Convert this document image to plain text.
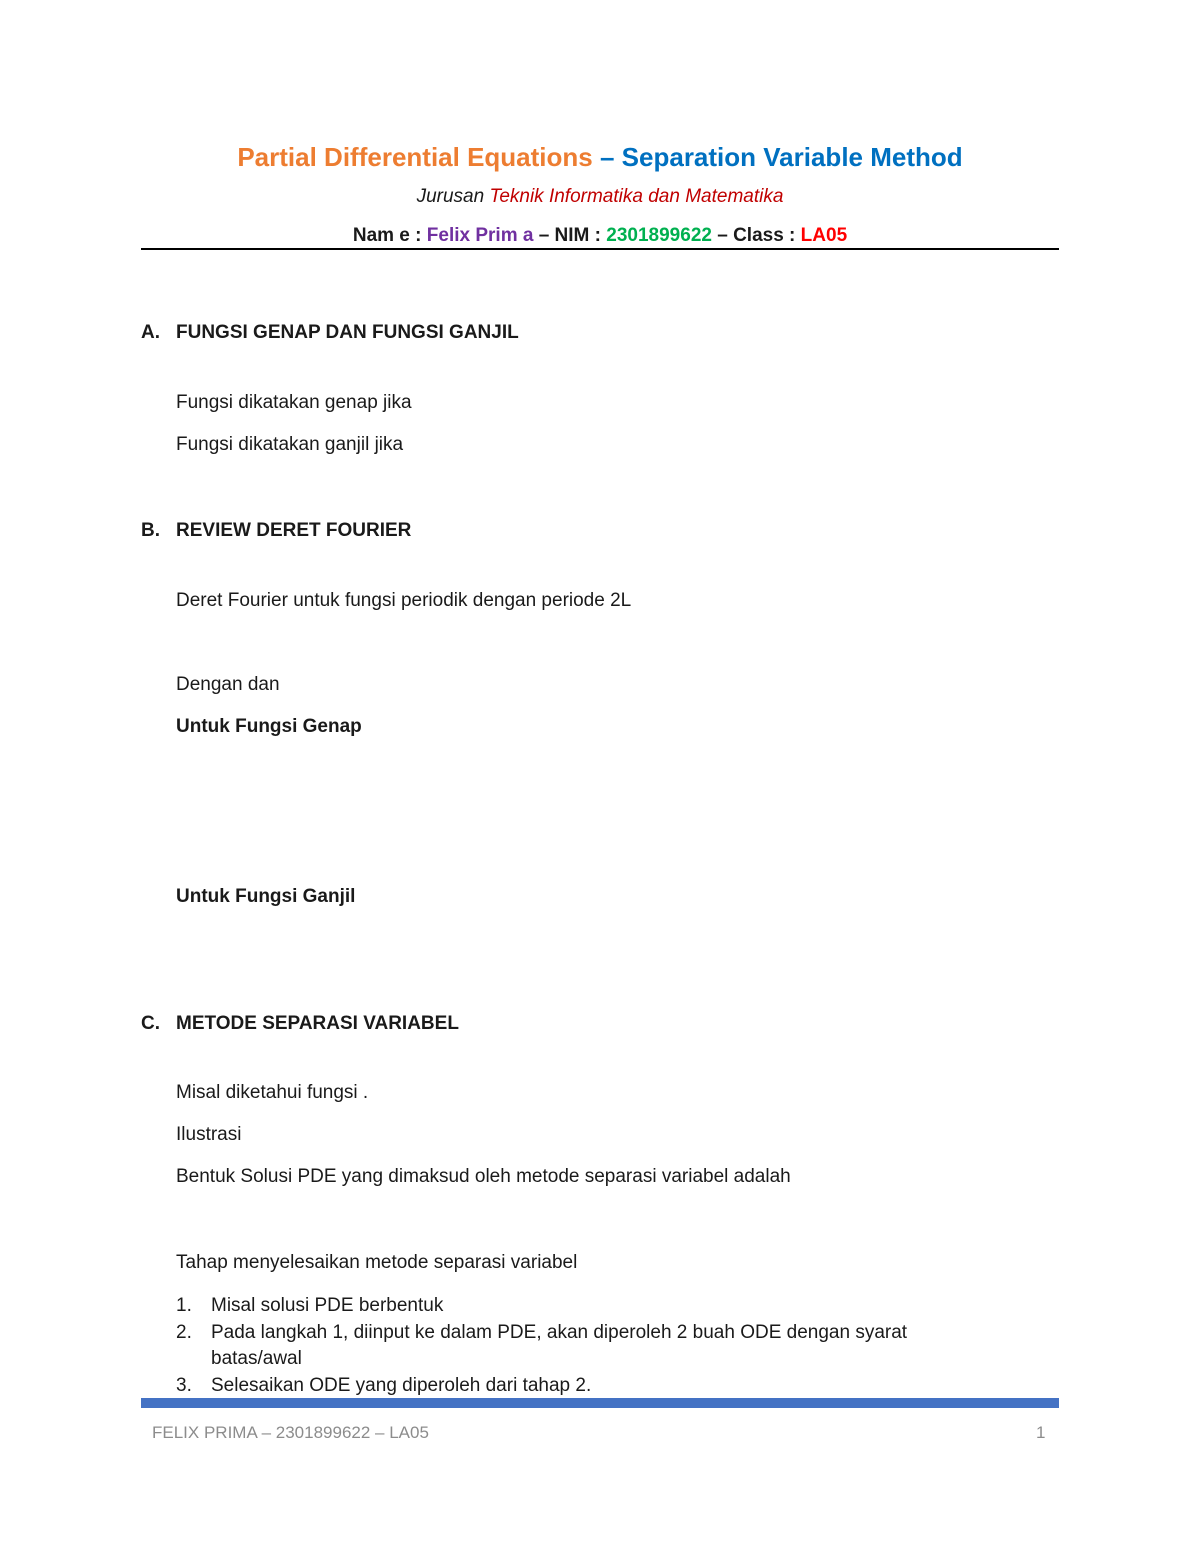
Partial Differential Equations – Separation Variable Method
Jurusan Teknik Informatika dan Matematika
Nam e : Felix Prim a – NIM : 2301899622 – Class : LA05
A. FUNGSI GENAP DAN FUNGSI GANJIL
Fungsi dikatakan genap jika
Fungsi dikatakan ganjil jika
B. REVIEW DERET FOURIER
Deret Fourier untuk fungsi periodik dengan periode 2L
Dengan dan
Untuk Fungsi Genap
Untuk Fungsi Ganjil
C. METODE SEPARASI VARIABEL
Misal diketahui fungsi .
Ilustrasi
Bentuk Solusi PDE yang dimaksud oleh metode separasi variabel adalah
Tahap menyelesaikan metode separasi variabel
1. Misal solusi PDE berbentuk
2. Pada langkah 1, diinput ke dalam PDE, akan diperoleh 2 buah ODE dengan syarat
batas/awal
3. Selesaikan ODE yang diperoleh dari tahap 2.
FELIX PRIMA – 2301899622 – LA05	1
